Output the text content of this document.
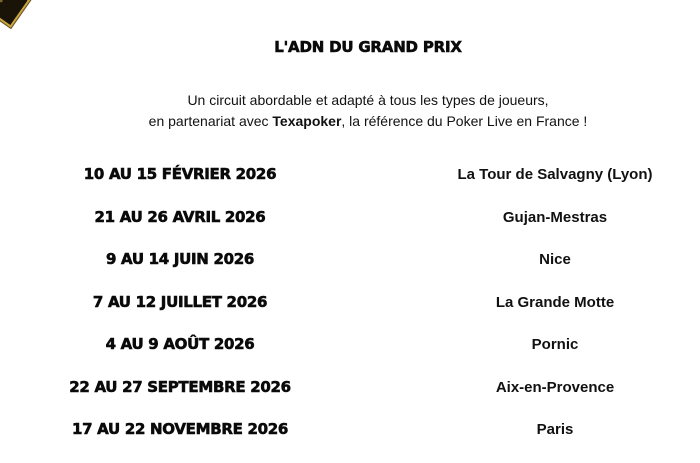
L'ADN DU GRAND PRIX
Un circuit abordable et adapté à tous les types de joueurs,
en partenariat avec Texapoker, la référence du Poker Live en France !
10 AU 15 FÉVRIER 2026	La Tour de Salvagny (Lyon)
21 AU 26 AVRIL 2026	Gujan-Mestras
9 AU 14 JUIN 2026	Nice
7 AU 12 JUILLET 2026	La Grande Motte
4 AU 9 AOÛT 2026	Pornic
22 AU 27 SEPTEMBRE 2026	Aix-en-Provence
17 AU 22 NOVEMBRE 2026	Paris
